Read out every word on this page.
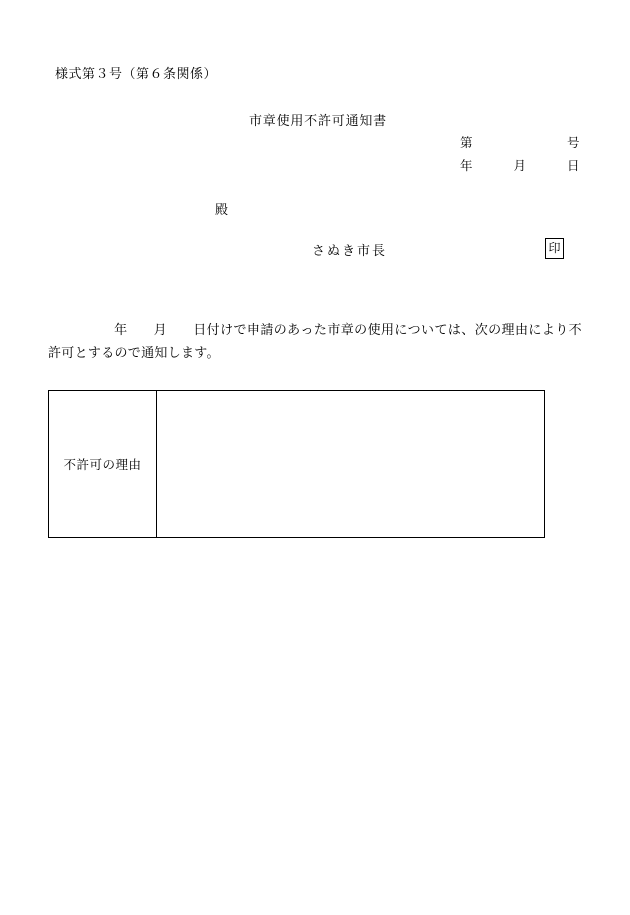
様式第３号（第６条関係）
市章使用不許可通知書
第	号
年	月	日
殿
さぬき市長	印
年 月 日付けで申請のあった市章の使用については、次の理由により不許可とするので通知します。
不許可の理由
